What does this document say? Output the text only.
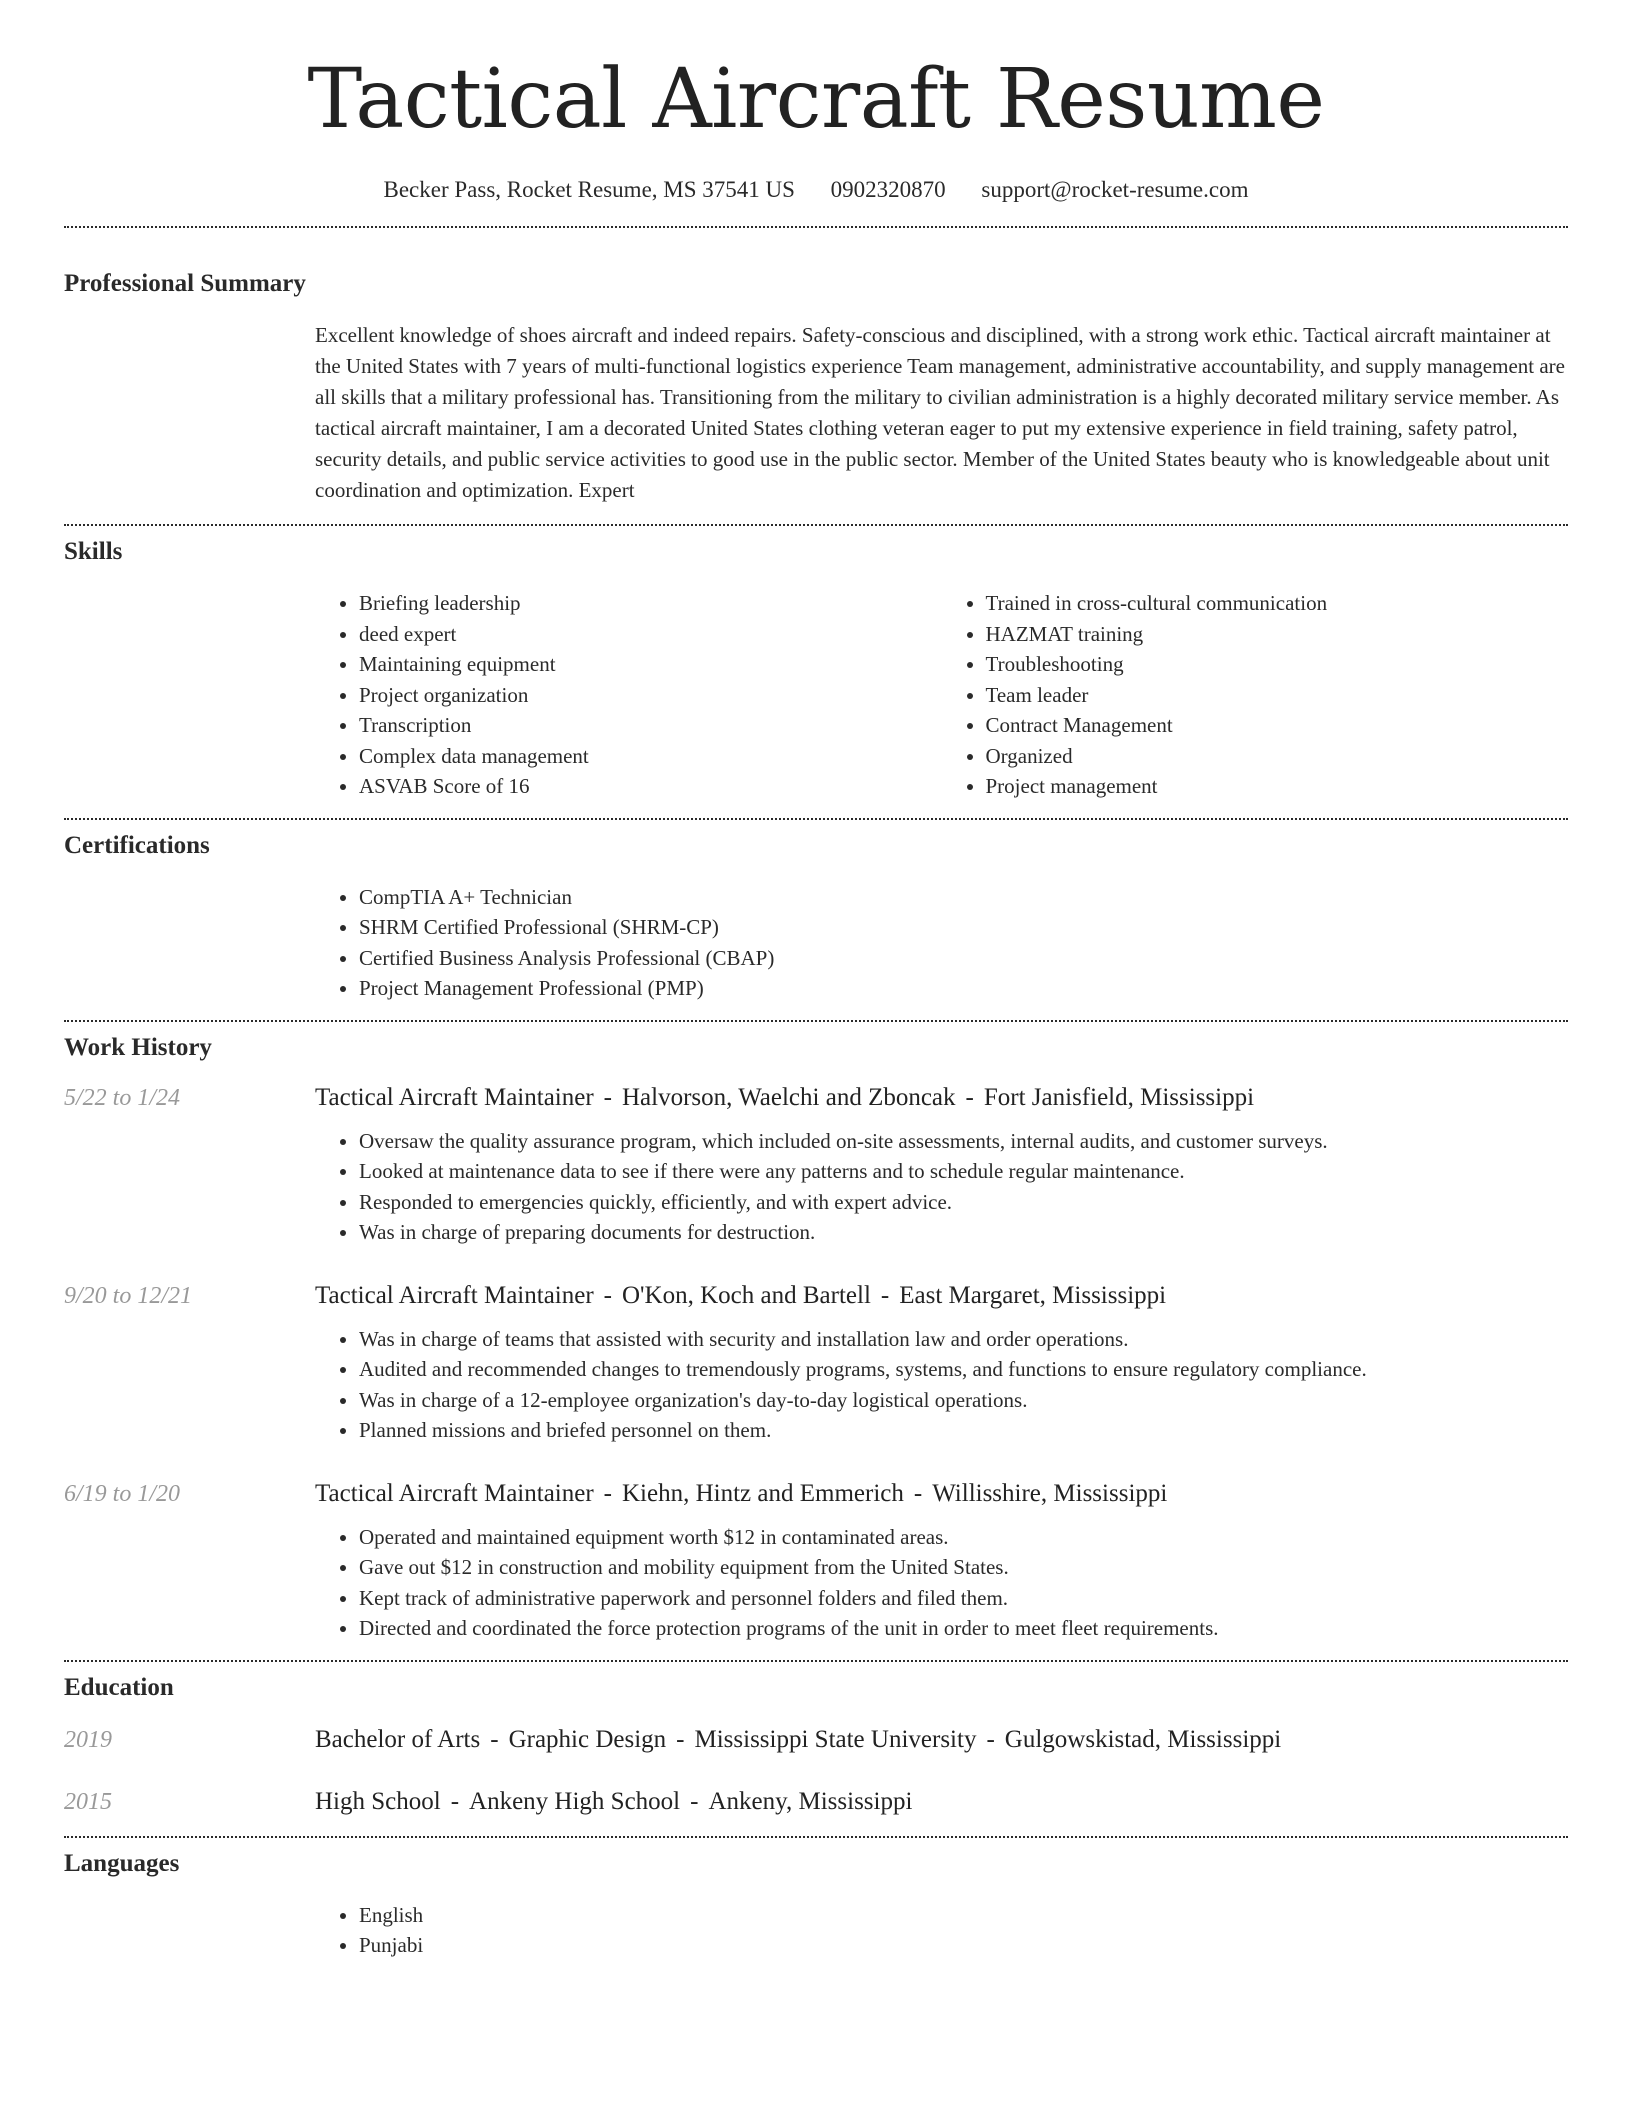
Tactical Aircraft Resume
Becker Pass, Rocket Resume, MS 37541 US 0902320870 support@rocket-resume.com
Professional Summary

Excellent knowledge of shoes aircraft and indeed repairs. Safety-conscious and disciplined, with a strong work ethic. Tactical aircraft maintainer at the United States with 7 years of multi-functional logistics experience Team management, administrative accountability, and supply management are all skills that a military professional has. Transitioning from the military to civilian administration is a highly decorated military service member. As tactical aircraft maintainer, I am a decorated United States clothing veteran eager to put my extensive experience in field training, safety patrol, security details, and public service activities to good use in the public sector. Member of the United States beauty who is knowledgeable about unit coordination and optimization. Expert

Skills
• Briefing leadership
• deed expert
• Maintaining equipment
• Project organization
• Transcription
• Complex data management
• ASVAB Score of 16
• Trained in cross-cultural communication
• HAZMAT training
• Troubleshooting
• Team leader
• Contract Management
• Organized
• Project management
Certifications
• CompTIA A+ Technician
• SHRM Certified Professional (SHRM-CP)
• Certified Business Analysis Professional (CBAP)
• Project Management Professional (PMP)
Work History
5/22 to 1/24	Tactical Aircraft Maintainer - Halvorson, Waelchi and Zboncak - Fort Janisfield, Mississippi
• Oversaw the quality assurance program, which included on-site assessments, internal audits, and customer surveys.
• Looked at maintenance data to see if there were any patterns and to schedule regular maintenance.
• Responded to emergencies quickly, efficiently, and with expert advice.
• Was in charge of preparing documents for destruction.
9/20 to 12/21	Tactical Aircraft Maintainer - O'Kon, Koch and Bartell - East Margaret, Mississippi
• Was in charge of teams that assisted with security and installation law and order operations.
• Audited and recommended changes to tremendously programs, systems, and functions to ensure regulatory compliance.
• Was in charge of a 12-employee organization's day-to-day logistical operations.
• Planned missions and briefed personnel on them.
6/19 to 1/20	Tactical Aircraft Maintainer - Kiehn, Hintz and Emmerich - Willisshire, Mississippi
• Operated and maintained equipment worth $12 in contaminated areas.
• Gave out $12 in construction and mobility equipment from the United States.
• Kept track of administrative paperwork and personnel folders and filed them.
• Directed and coordinated the force protection programs of the unit in order to meet fleet requirements.
Education
2019	Bachelor of Arts - Graphic Design - Mississippi State University - Gulgowskistad, Mississippi
2015	High School - Ankeny High School - Ankeny, Mississippi
Languages
• English
• Punjabi
